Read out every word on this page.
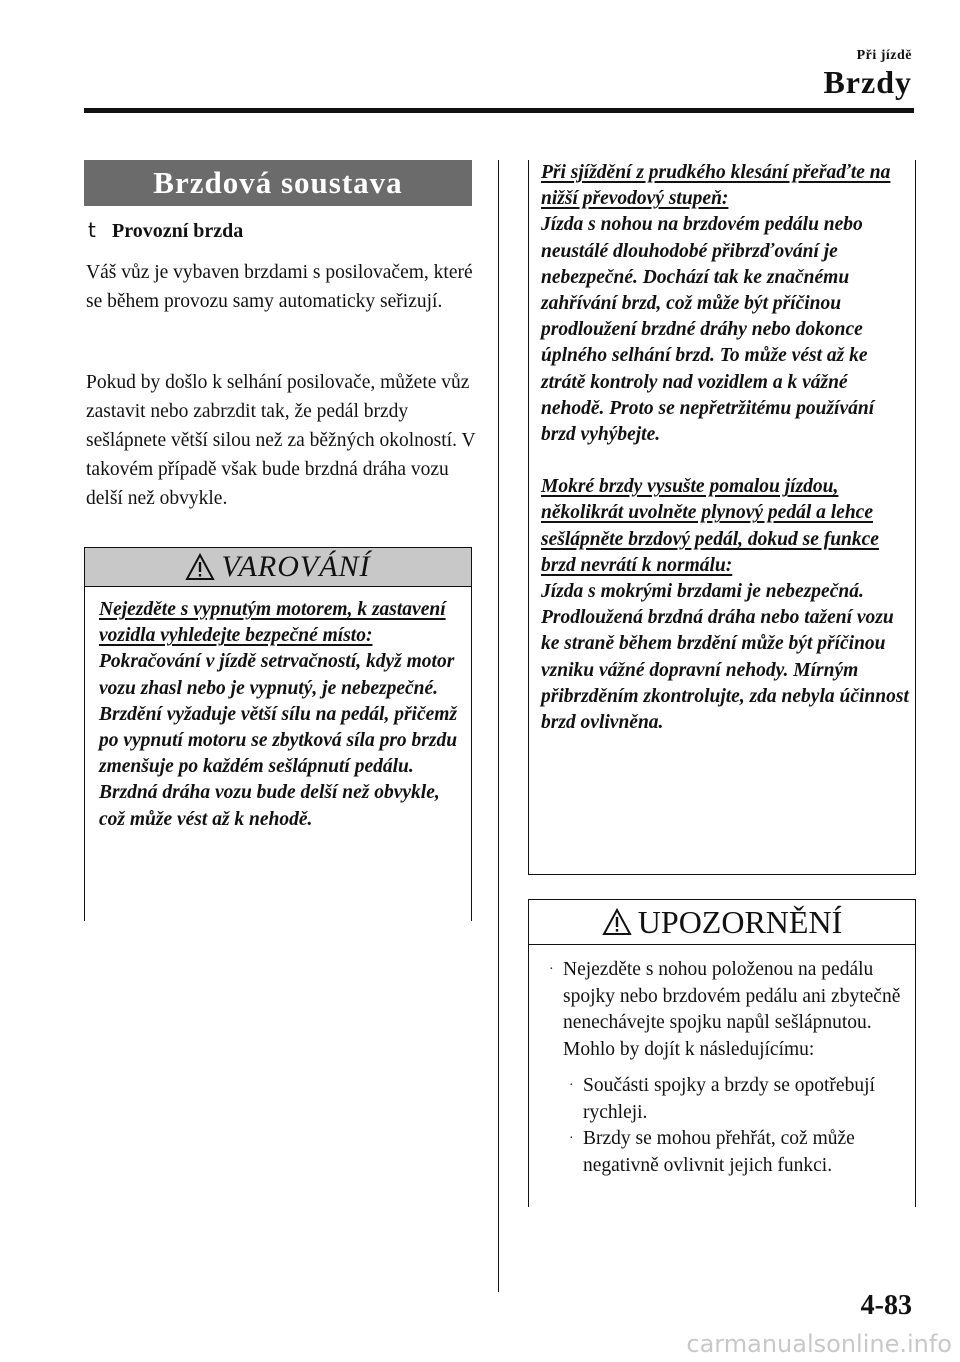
Při jízdě
Brzdy
Brzdová soustava
t Provozní brzda
Váš vůz je vybaven brzdami s posilovačem, které se během provozu samy automaticky seřizují.
Pokud by došlo k selhání posilovače, můžete vůz zastavit nebo zabrzdit tak, že pedál brzdy sešlápnete větší silou než za běžných okolností. V takovém případě však bude brzdná dráha vozu delší než obvykle.
VAROVÁNÍ
Nejezděte s vypnutým motorem, k zastavení vozidla vyhledejte bezpečné místo:
Pokračování v jízdě setrvačností, když motor vozu zhasl nebo je vypnutý, je nebezpečné. Brzdění vyžaduje větší sílu na pedál, přičemž po vypnutí motoru se zbytková síla pro brzdu zmenšuje po každém sešlápnutí pedálu. Brzdná dráha vozu bude delší než obvykle, což může vést až k nehodě.
Při sjíždění z prudkého klesání přeřaďte na nižší převodový stupeň:
Jízda s nohou na brzdovém pedálu nebo neustálé dlouhodobé přibrzďování je nebezpečné. Dochází tak ke značnému zahřívání brzd, což může být příčinou prodloužení brzdné dráhy nebo dokonce úplného selhání brzd. To může vést až ke ztrátě kontroly nad vozidlem a k vážné nehodě. Proto se nepřetržitému používání brzd vyhýbejte.
Mokré brzdy vysušte pomalou jízdou, několikrát uvolněte plynový pedál a lehce sešlápněte brzdový pedál, dokud se funkce brzd nevrátí k normálu:
Jízda s mokrými brzdami je nebezpečná. Prodloužená brzdná dráha nebo tažení vozu ke straně během brzdění může být příčinou vzniku vážné dopravní nehody. Mírným přibrzděním zkontrolujte, zda nebyla účinnost brzd ovlivněna.
UPOZORNĚNÍ
· Nejezděte s nohou položenou na pedálu spojky nebo brzdovém pedálu ani zbytečně nenechávejte spojku napůl sešlápnutou. Mohlo by dojít k následujícímu:
· Součásti spojky a brzdy se opotřebují rychleji.
· Brzdy se mohou přehřát, což může negativně ovlivnit jejich funkci.
4-83
carmanualsonline.info
